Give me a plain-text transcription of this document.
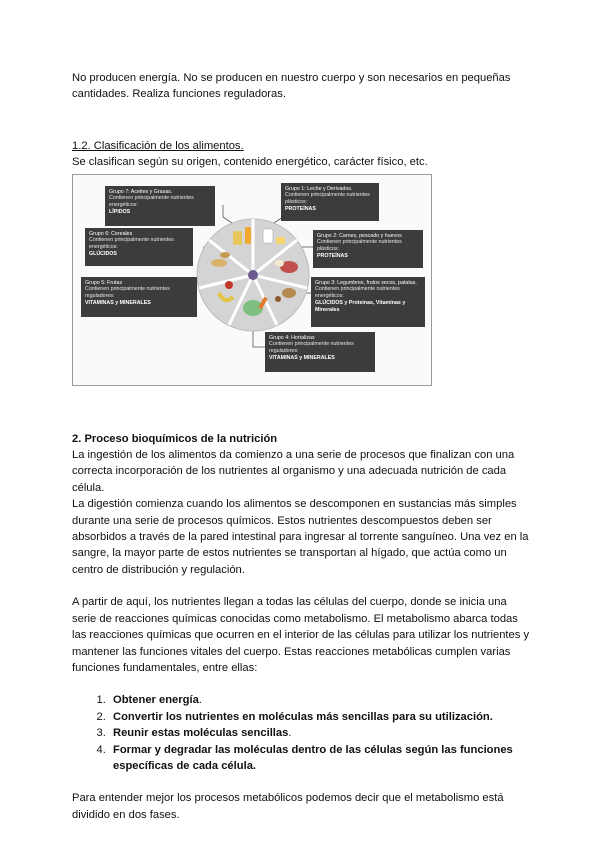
No producen energía. No se producen en nuestro cuerpo y son necesarios en pequeñas cantidades. Realiza funciones reguladoras.

1.2. Clasificación de los alimentos.

Se clasifican según su origen, contenido energético, carácter físico, etc.

Grupo 7: Aceites y Grasas.
Contienen principalmente nutrientes energéticos:
LÍPIDOS
Grupo 1: Leche y Derivados.
Contienen principalmente nutrientes plásticos:
PROTEÍNAS
Grupo 6: Cereales
Contienen principalmente nutrientes energéticos:
GLÚCIDOS
Grupo 2: Carnes, pescado y huevos
Contienen principalmente nutrientes plásticos:
PROTEÍNAS
Grupo 5: Frutas
Contienen principalmente nutrientes reguladores:
VITAMINAS y MINERALES
Grupo 3: Legumbres, frutos secos, patatas.
Contienen principalmente nutrientes energéticos:
GLÚCIDOS y Proteínas, Vitaminas y Minerales
Grupo 4: Hortalizas
Contienen principalmente nutrientes reguladores:
VITAMINAS y MINERALES
2. Proceso bioquímicos de la nutrición

La ingestión de los alimentos da comienzo a una serie de procesos que finalizan con una correcta incorporación de los nutrientes al organismo y una adecuada nutrición de cada célula.

La digestión comienza cuando los alimentos se descomponen en sustancias más simples durante una serie de procesos químicos. Estos nutrientes descompuestos deben ser absorbidos a través de la pared intestinal para ingresar al torrente sanguíneo. Una vez en la sangre, la mayor parte de estos nutrientes se transportan al hígado, que actúa como un centro de distribución y regulación.

A partir de aquí, los nutrientes llegan a todas las células del cuerpo, donde se inicia una serie de reacciones químicas conocidas como metabolismo. El metabolismo abarca todas las reacciones químicas que ocurren en el interior de las células para utilizar los nutrientes y mantener las funciones vitales del cuerpo. Estas reacciones metabólicas cumplen varias funciones fundamentales, entre ellas:

1. Obtener energía.
2. Convertir los nutrientes en moléculas más sencillas para su utilización.
3. Reunir estas moléculas sencillas.
4. Formar y degradar las moléculas dentro de las células según las funciones específicas de cada célula.

Para entender mejor los procesos metabólicos podemos decir que el metabolismo está dividido en dos fases.
